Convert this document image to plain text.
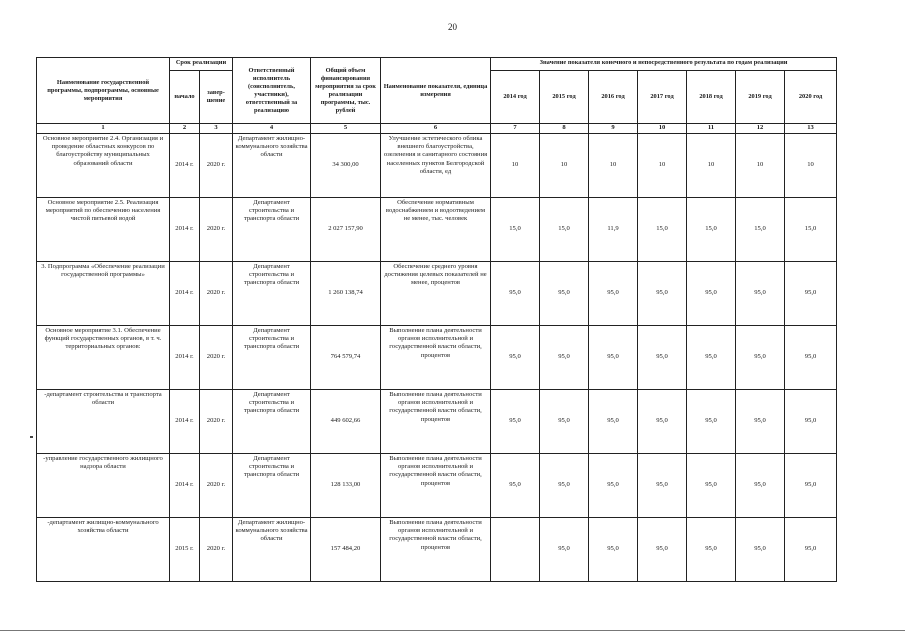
20
Наименование государственной программы, подпрограммы, основные мероприятия	Срок реализации		Ответственный исполнитель (соисполнитель, участники), ответственный за реализацию	Общий объем финансирования мероприятия за срок реализации программы, тыс. рублей	Наименование показателя, единица измерения	Значение показателя конечного и непосредственного результата по годам реализации						
	начало	завер-шение				2014 год	2015 год	2016 год	2017 год	2018 год	2019 год	2020 год
1	2	3	4	5	6	7	8	9	10	11	12	13
Основное мероприятие 2.4. Организация и проведение областных конкурсов по благоустройству муниципальных образований области	2014 г.	2020 г.	Департамент жилищно-коммунального хозяйства области	34 300,00	Улучшение эстетического облика внешнего благоустройства, озеленения и санитарного состояния населенных пунктов Белгородской области, ед	10	10	10	10	10	10	10
Основное мероприятие 2.5. Реализация мероприятий по обеспечению населения чистой питьевой водой	2014 г.	2020 г.	Департамент строительства и транспорта области	2 027 157,90	Обеспечение нормативным водоснабжением и водоотведением не менее, тыс. человек	15,0	15,0	11,9	15,0	15,0	15,0	15,0
3. Подпрограмма «Обеспечение реализации государственной программы»	2014 г.	2020 г.	Департамент строительства и транспорта области	1 260 138,74	Обеспечение среднего уровня достижения целевых показателей не менее, процентов	95,0	95,0	95,0	95,0	95,0	95,0	95,0
Основное мероприятие 3.1. Обеспечение функций государственных органов, в т. ч. территориальных органов:	2014 г.	2020 г.	Департамент строительства и транспорта области	764 579,74	Выполнение плана деятельности органов исполнительной и государственной власти области, процентов	95,0	95,0	95,0	95,0	95,0	95,0	95,0
-департамент строительства и транспорта области	2014 г.	2020 г.	Департамент строительства и транспорта области	449 602,66	Выполнение плана деятельности органов исполнительной и государственной власти области, процентов	95,0	95,0	95,0	95,0	95,0	95,0	95,0
-управление государственного жилищного надзора области	2014 г.	2020 г.	Департамент строительства и транспорта области	128 133,00	Выполнение плана деятельности органов исполнительной и государственной власти области, процентов	95,0	95,0	95,0	95,0	95,0	95,0	95,0
-департамент жилищно-коммунального хозяйства области	2015 г.	2020 г.	Департамент жилищно-коммунального хозяйства области	157 484,20	Выполнение плана деятельности органов исполнительной и государственной власти области, процентов		95,0	95,0	95,0	95,0	95,0	95,0
